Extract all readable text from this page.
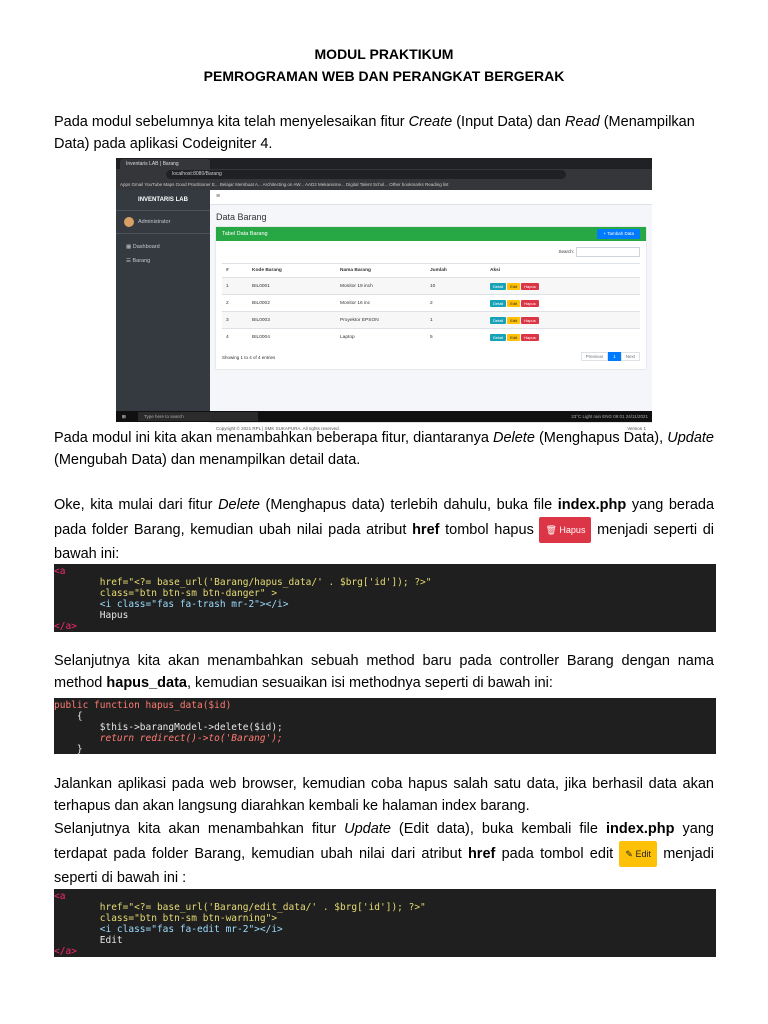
MODUL PRAKTIKUM
PEMROGRAMAN WEB DAN PERANGKAT BERGERAK
Pada modul sebelumnya kita telah menyelesaikan fitur Create (Input Data) dan Read (Menampilkan Data) pada aplikasi Codeigniter 4.
Inventaris LAB | Barang
localhost:8080/Barang
Apps Gmail YouTube Maps Good Practitioner E... Belajar Membuat A... Architecting on AW... AAD2 Mekanisme... Digital Talent Schol... Other bookmarks Reading list
INVENTARIS LAB
Administrator
▦ Dashboard
☰ Barang
≡
Data Barang
Tabel Data Barang	+ Tambah Data
Search:
#	Kode Barang	Nama Barang	Jumlah	Aksi
1	BIL0001	Monitor 19 inch	10	Detail Edit Hapus
2	BIL0002	Monitor 16 inc	2	Detail Edit Hapus
3	BIL0003	Proyektor EPSON	1	Detail Edit Hapus
4	BIL0004	Laptop	5	Detail Edit Hapus
Showing 1 to 4 of 4 entries	Previous 1 Next
Copyright © 2021 RPL | SMK SUKAPURA. All rights reserved.	Version 1
⊞	Type here to search	23°C Light rain ENG 09:01 24/11/2021
Pada modul ini kita akan menambahkan beberapa fitur, diantaranya Delete (Menghapus Data), Update (Mengubah Data) dan menampilkan detail data.
Oke, kita mulai dari fitur Delete (Menghapus data) terlebih dahulu, buka file index.php yang berada pada folder Barang, kemudian ubah nilai pada atribut href tombol hapus 🗑 Hapus menjadi seperti di bawah ini:
<a
href="<?= base_url('Barang/hapus_data/' . $brg['id']); ?>"
class="btn btn-sm btn-danger" >
<i class="fas fa-trash mr-2"></i>
Hapus
</a>
Selanjutnya kita akan menambahkan sebuah method baru pada controller Barang dengan nama method hapus_data, kemudian sesuaikan isi methodnya seperti di bawah ini:
public function hapus_data($id)
{
$this->barangModel->delete($id);
return redirect()->to('Barang');
}
Jalankan aplikasi pada web browser, kemudian coba hapus salah satu data, jika berhasil data akan terhapus dan akan langsung diarahkan kembali ke halaman index barang.
Selanjutnya kita akan menambahkan fitur Update (Edit data), buka kembali file index.php yang terdapat pada folder Barang, kemudian ubah nilai dari atribut href pada tombol edit ✎ Edit menjadi seperti di bawah ini :
<a
href="<?= base_url('Barang/edit_data/' . $brg['id']); ?>"
class="btn btn-sm btn-warning">
<i class="fas fa-edit mr-2"></i>
Edit
</a>
